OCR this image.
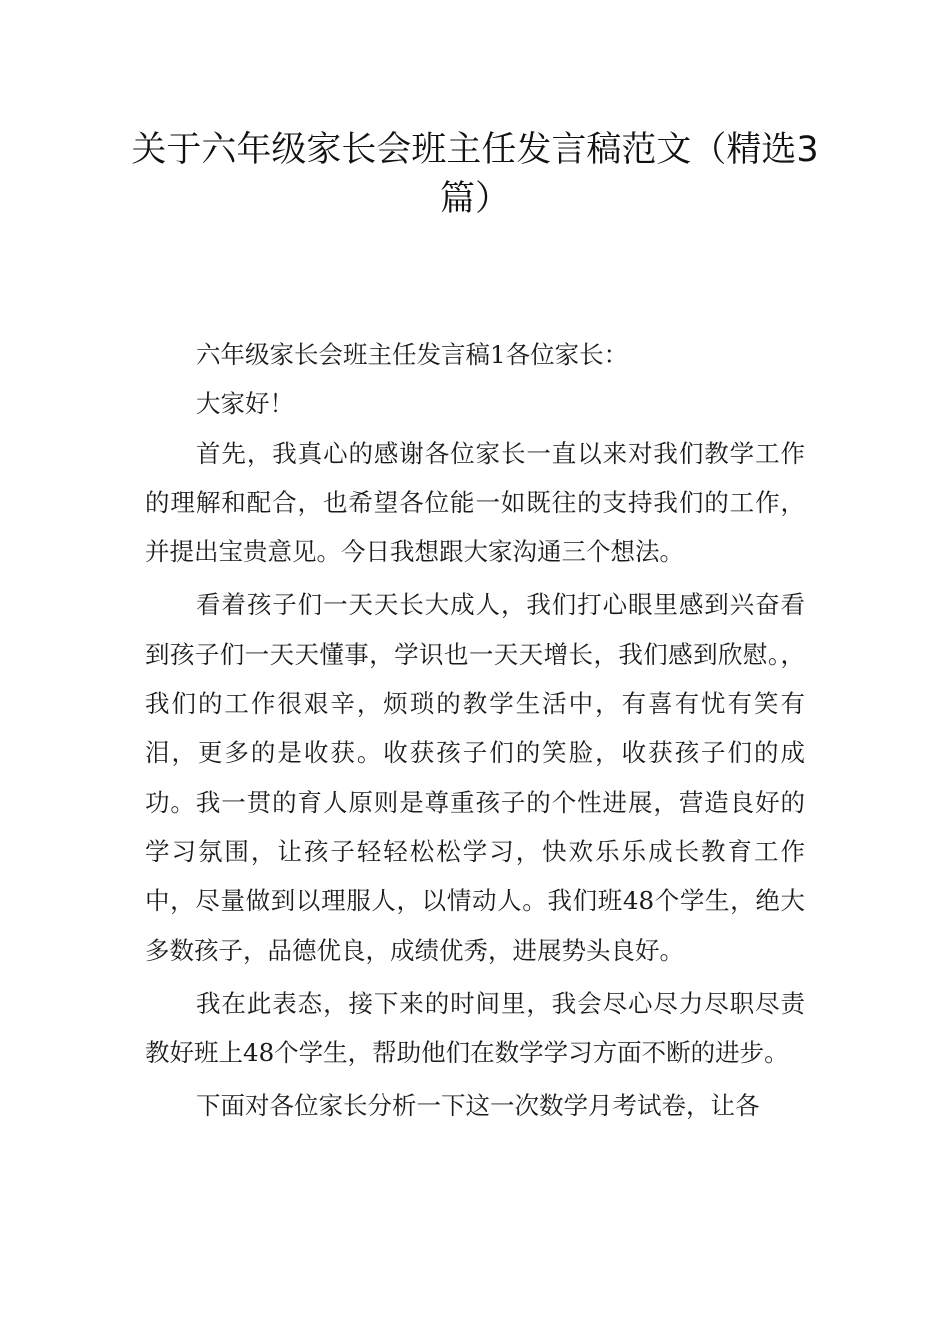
关于六年级家长会班主任发言稿范文（精选3篇）

六年级家长会班主任发言稿1各位家长：

大家好！

首先，我真心的感谢各位家长一直以来对我们教学工作的理解和配合，也希望各位能一如既往的支持我们的工作，并提出宝贵意见。今日我想跟大家沟通三个想法。

看着孩子们一天天长大成人，我们打心眼里感到兴奋看到孩子们一天天懂事，学识也一天天增长，我们感到欣慰。，我们的工作很艰辛，烦琐的教学生活中，有喜有忧有笑有泪，更多的是收获。收获孩子们的笑脸，收获孩子们的成功。我一贯的育人原则是尊重孩子的个性进展，营造良好的学习氛围，让孩子轻轻松松学习，快欢乐乐成长教育工作中，尽量做到以理服人，以情动人。我们班48个学生，绝大多数孩子，品德优良，成绩优秀，进展势头良好。

我在此表态，接下来的时间里，我会尽心尽力尽职尽责教好班上48个学生，帮助他们在数学学习方面不断的进步。

下面对各位家长分析一下这一次数学月考试卷，让各
